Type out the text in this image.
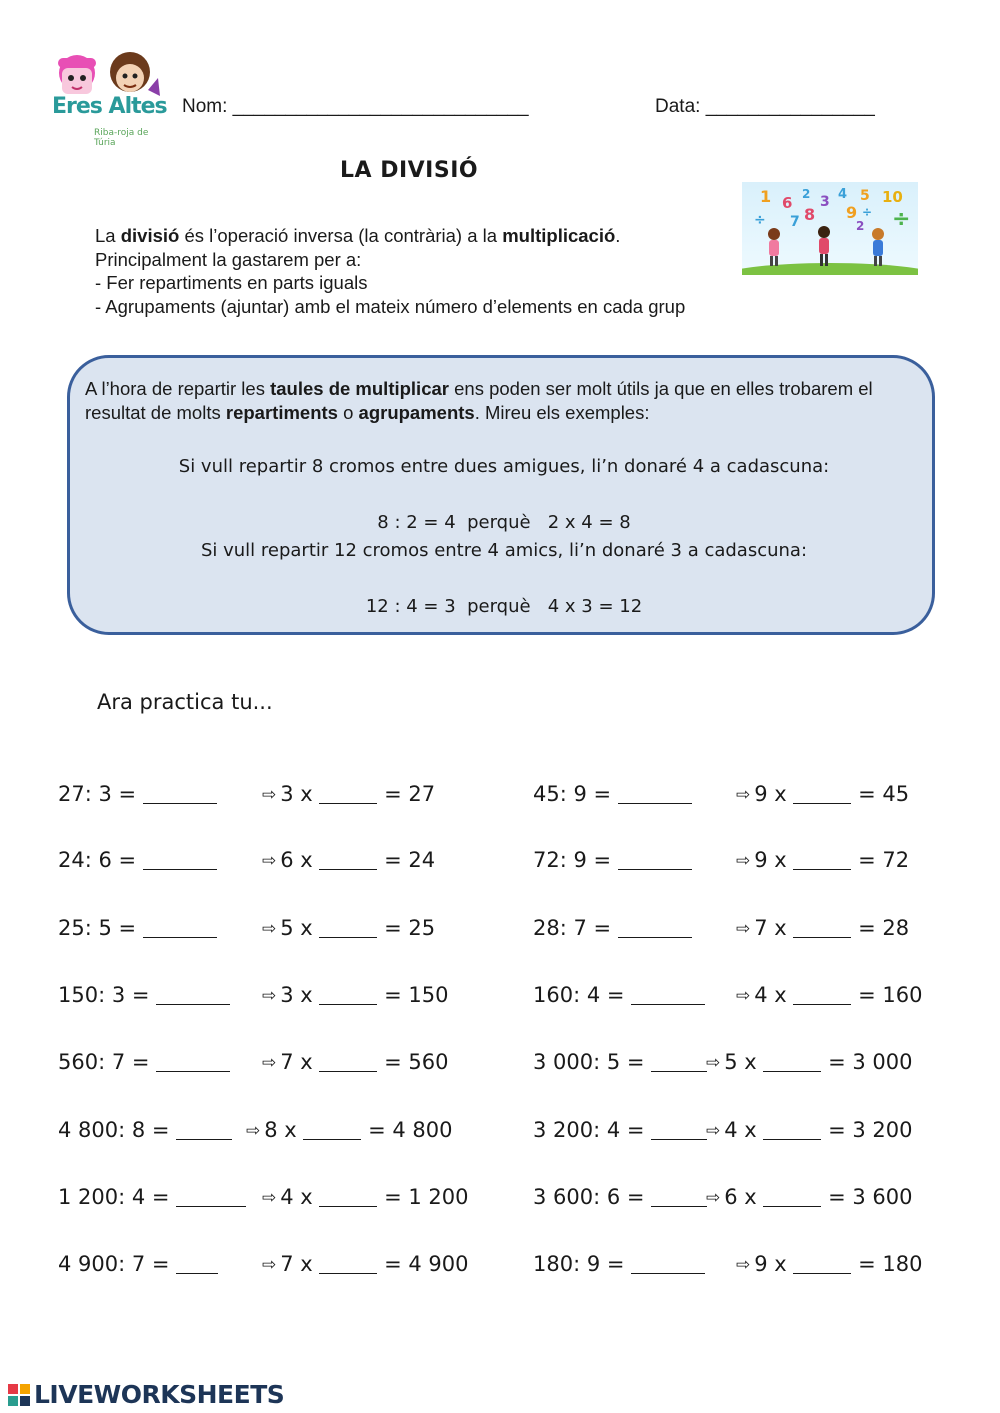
Eres Altes
Riba-roja de Túria
Nom: ____________________________	Data: ________________
LA DIVISIÓ

La divisió és l’operació inversa (la contrària) a la multiplicació.

Principalment la gastarem per a:

- Fer repartiments en parts iguals

- Agrupaments (ajuntar) amb el mateix número d’elements en cada grup

1 6 2 3 4 5 10
÷ 7 8 9 ÷
2 ÷
A l’hora de repartir les taules de multiplicar ens poden ser molt útils ja que en elles trobarem el resultat de molts repartiments o agrupaments. Mireu els exemples:
Si vull repartir 8 cromos entre dues amigues, li’n donaré 4 a cadascuna:
8 : 2 = 4  perquè   2 x 4 = 8
Si vull repartir 12 cromos entre 4 amics, li’n donaré 3 a cadascuna:
12 : 4 = 3  perquè   4 x 3 = 12
Ara practica tu...
27: 3 =	⇨ 3 x	= 27
24: 6 =	⇨ 6 x	= 24
25: 5 =	⇨ 5 x	= 25
150: 3 =	⇨ 3 x	= 150
560: 7 =	⇨ 7 x	= 560
4 800: 8 =	⇨ 8 x	= 4 800
1 200: 4 =	⇨ 4 x	= 1 200
4 900: 7 =	⇨ 7 x	= 4 900
45: 9 =	⇨ 9 x	= 45
72: 9 =	⇨ 9 x	= 72
28: 7 =	⇨ 7 x	= 28
160: 4 =	⇨ 4 x	= 160
3 000: 5 =	⇨ 5 x	= 3 000
3 200: 4 =	⇨ 4 x	= 3 200
3 600: 6 =	⇨ 6 x	= 3 600
180: 9 =	⇨ 9 x	= 180
LIVEWORKSHEETS
